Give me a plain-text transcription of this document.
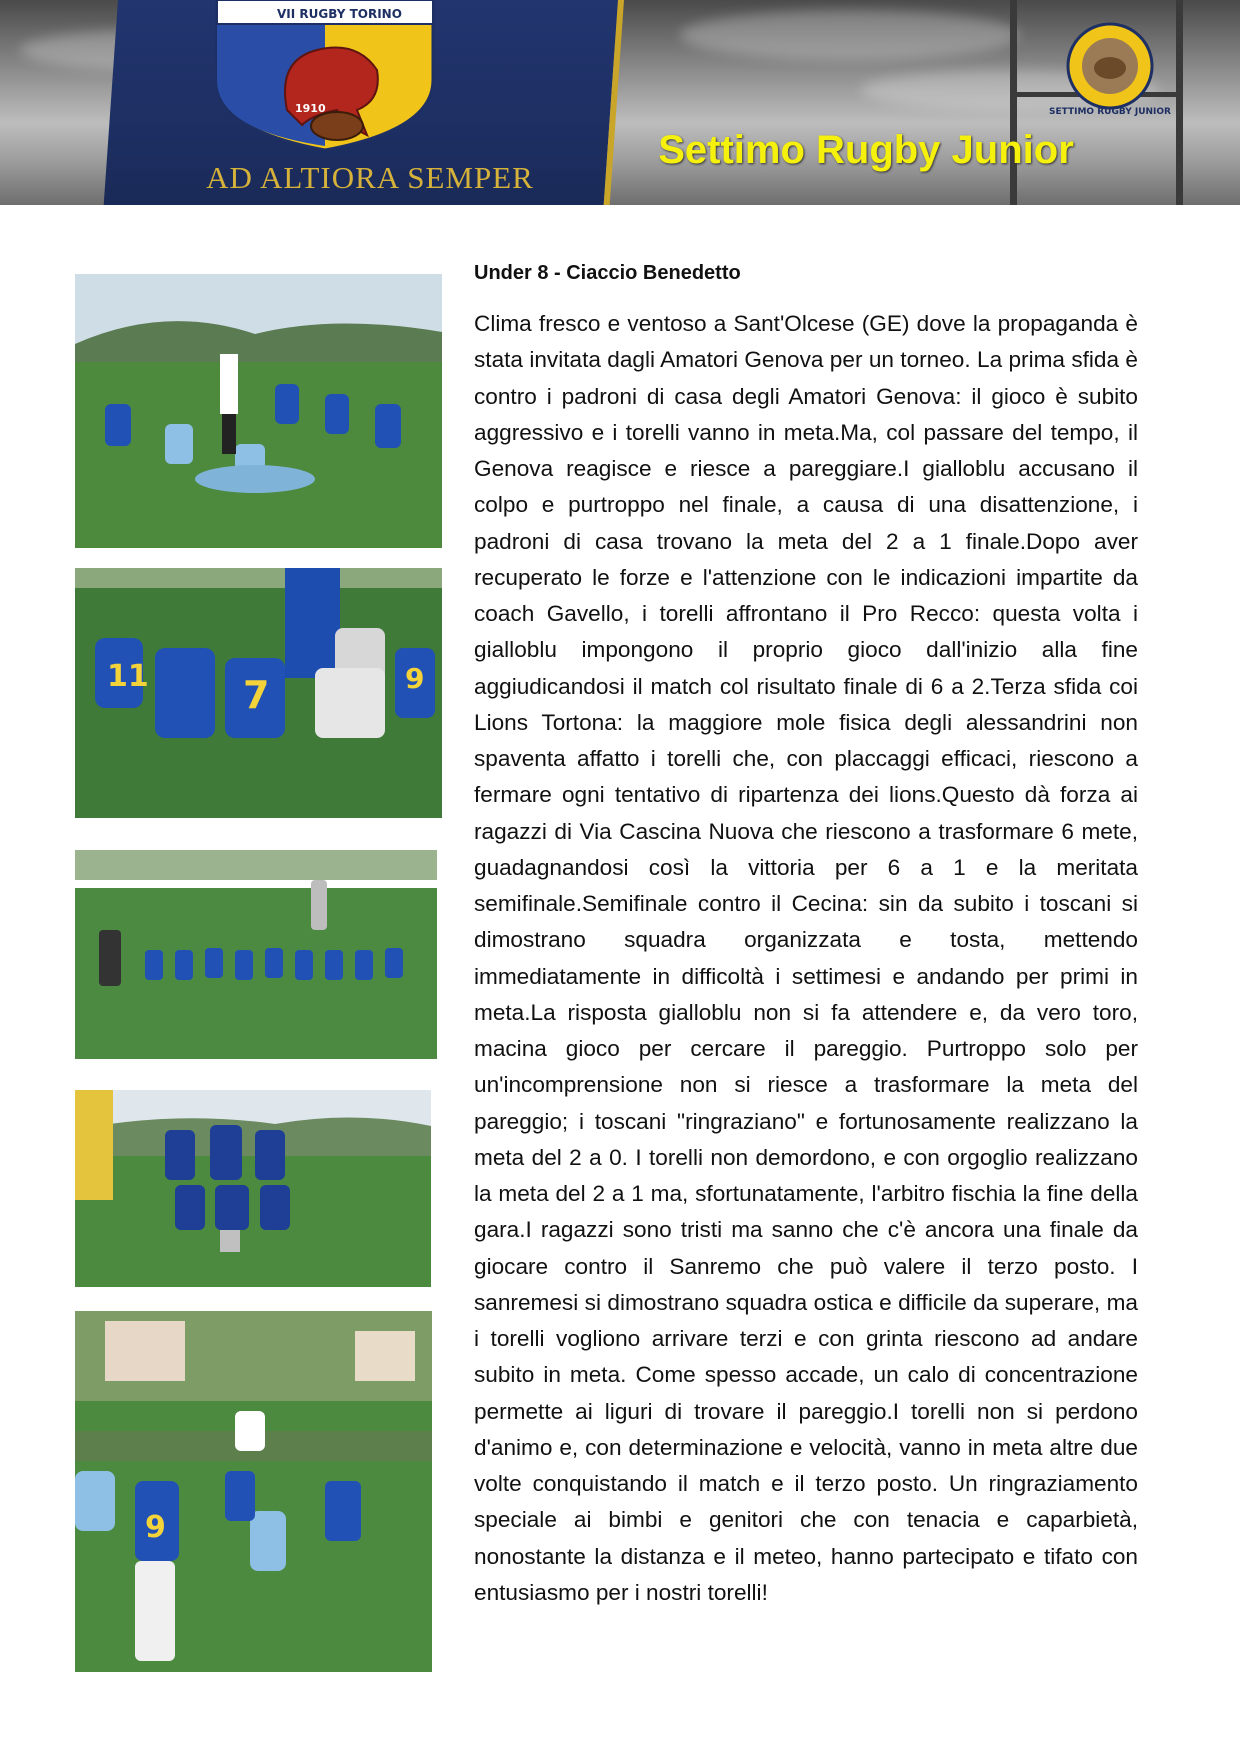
VII RUGBY TORINO
1910
AD ALTIORA SEMPER
SETTIMO RUGBY JUNIOR
Settimo Rugby Junior
11 7	9
9
Under 8 - Ciaccio Benedetto

Clima fresco e ventoso a Sant'Olcese (GE) dove la propaganda è stata invitata dagli Amatori Genova per un torneo. La prima sfida è contro i padroni di casa degli Amatori Genova: il gioco è subito aggressivo e i torelli vanno in meta.Ma, col passare del tempo, il Genova reagisce e riesce a pareggiare.I gialloblu accusano il colpo e purtroppo nel finale, a causa di una disattenzione, i padroni di casa trovano la meta del 2 a 1 finale.Dopo aver recuperato le forze e l'attenzione con le indicazioni impartite da coach Gavello, i torelli affrontano il Pro Recco: questa volta i gialloblu impongono il proprio gioco dall'inizio alla fine aggiudicandosi il match col risultato finale di 6 a 2.Terza sfida coi Lions Tortona: la maggiore mole fisica degli alessandrini non spaventa affatto i torelli che, con placcaggi efficaci, riescono a fermare ogni tentativo di ripartenza dei lions.Questo dà forza ai ragazzi di Via Cascina Nuova che riescono a trasformare 6 mete, guadagnandosi così la vittoria per 6 a 1 e la meritata semifinale.Semifinale contro il Cecina: sin da subito i toscani si dimostrano squadra organizzata e tosta, mettendo immediatamente in difficoltà i settimesi e andando per primi in meta.La risposta gialloblu non si fa attendere e, da vero toro, macina gioco per cercare il pareggio. Purtroppo solo per un'incomprensione non si riesce a trasformare la meta del pareggio; i toscani "ringraziano" e fortunosamente realizzano la meta del 2 a 0. I torelli non demordono, e con orgoglio realizzano la meta del 2 a 1 ma, sfortunatamente, l'arbitro fischia la fine della gara.I ragazzi sono tristi ma sanno che c'è ancora una finale da giocare contro il Sanremo che può valere il terzo posto. I sanremesi si dimostrano squadra ostica e difficile da superare, ma i torelli vogliono arrivare terzi e con grinta riescono ad andare subito in meta. Come spesso accade, un calo di concentrazione permette ai liguri di trovare il pareggio.I torelli non si perdono d'animo e, con determinazione e velocità, vanno in meta altre due volte conquistando il match e il terzo posto. Un ringraziamento speciale ai bimbi e genitori che con tenacia e caparbietà, nonostante la distanza e il meteo, hanno partecipato e tifato con entusiasmo per i nostri torelli!
